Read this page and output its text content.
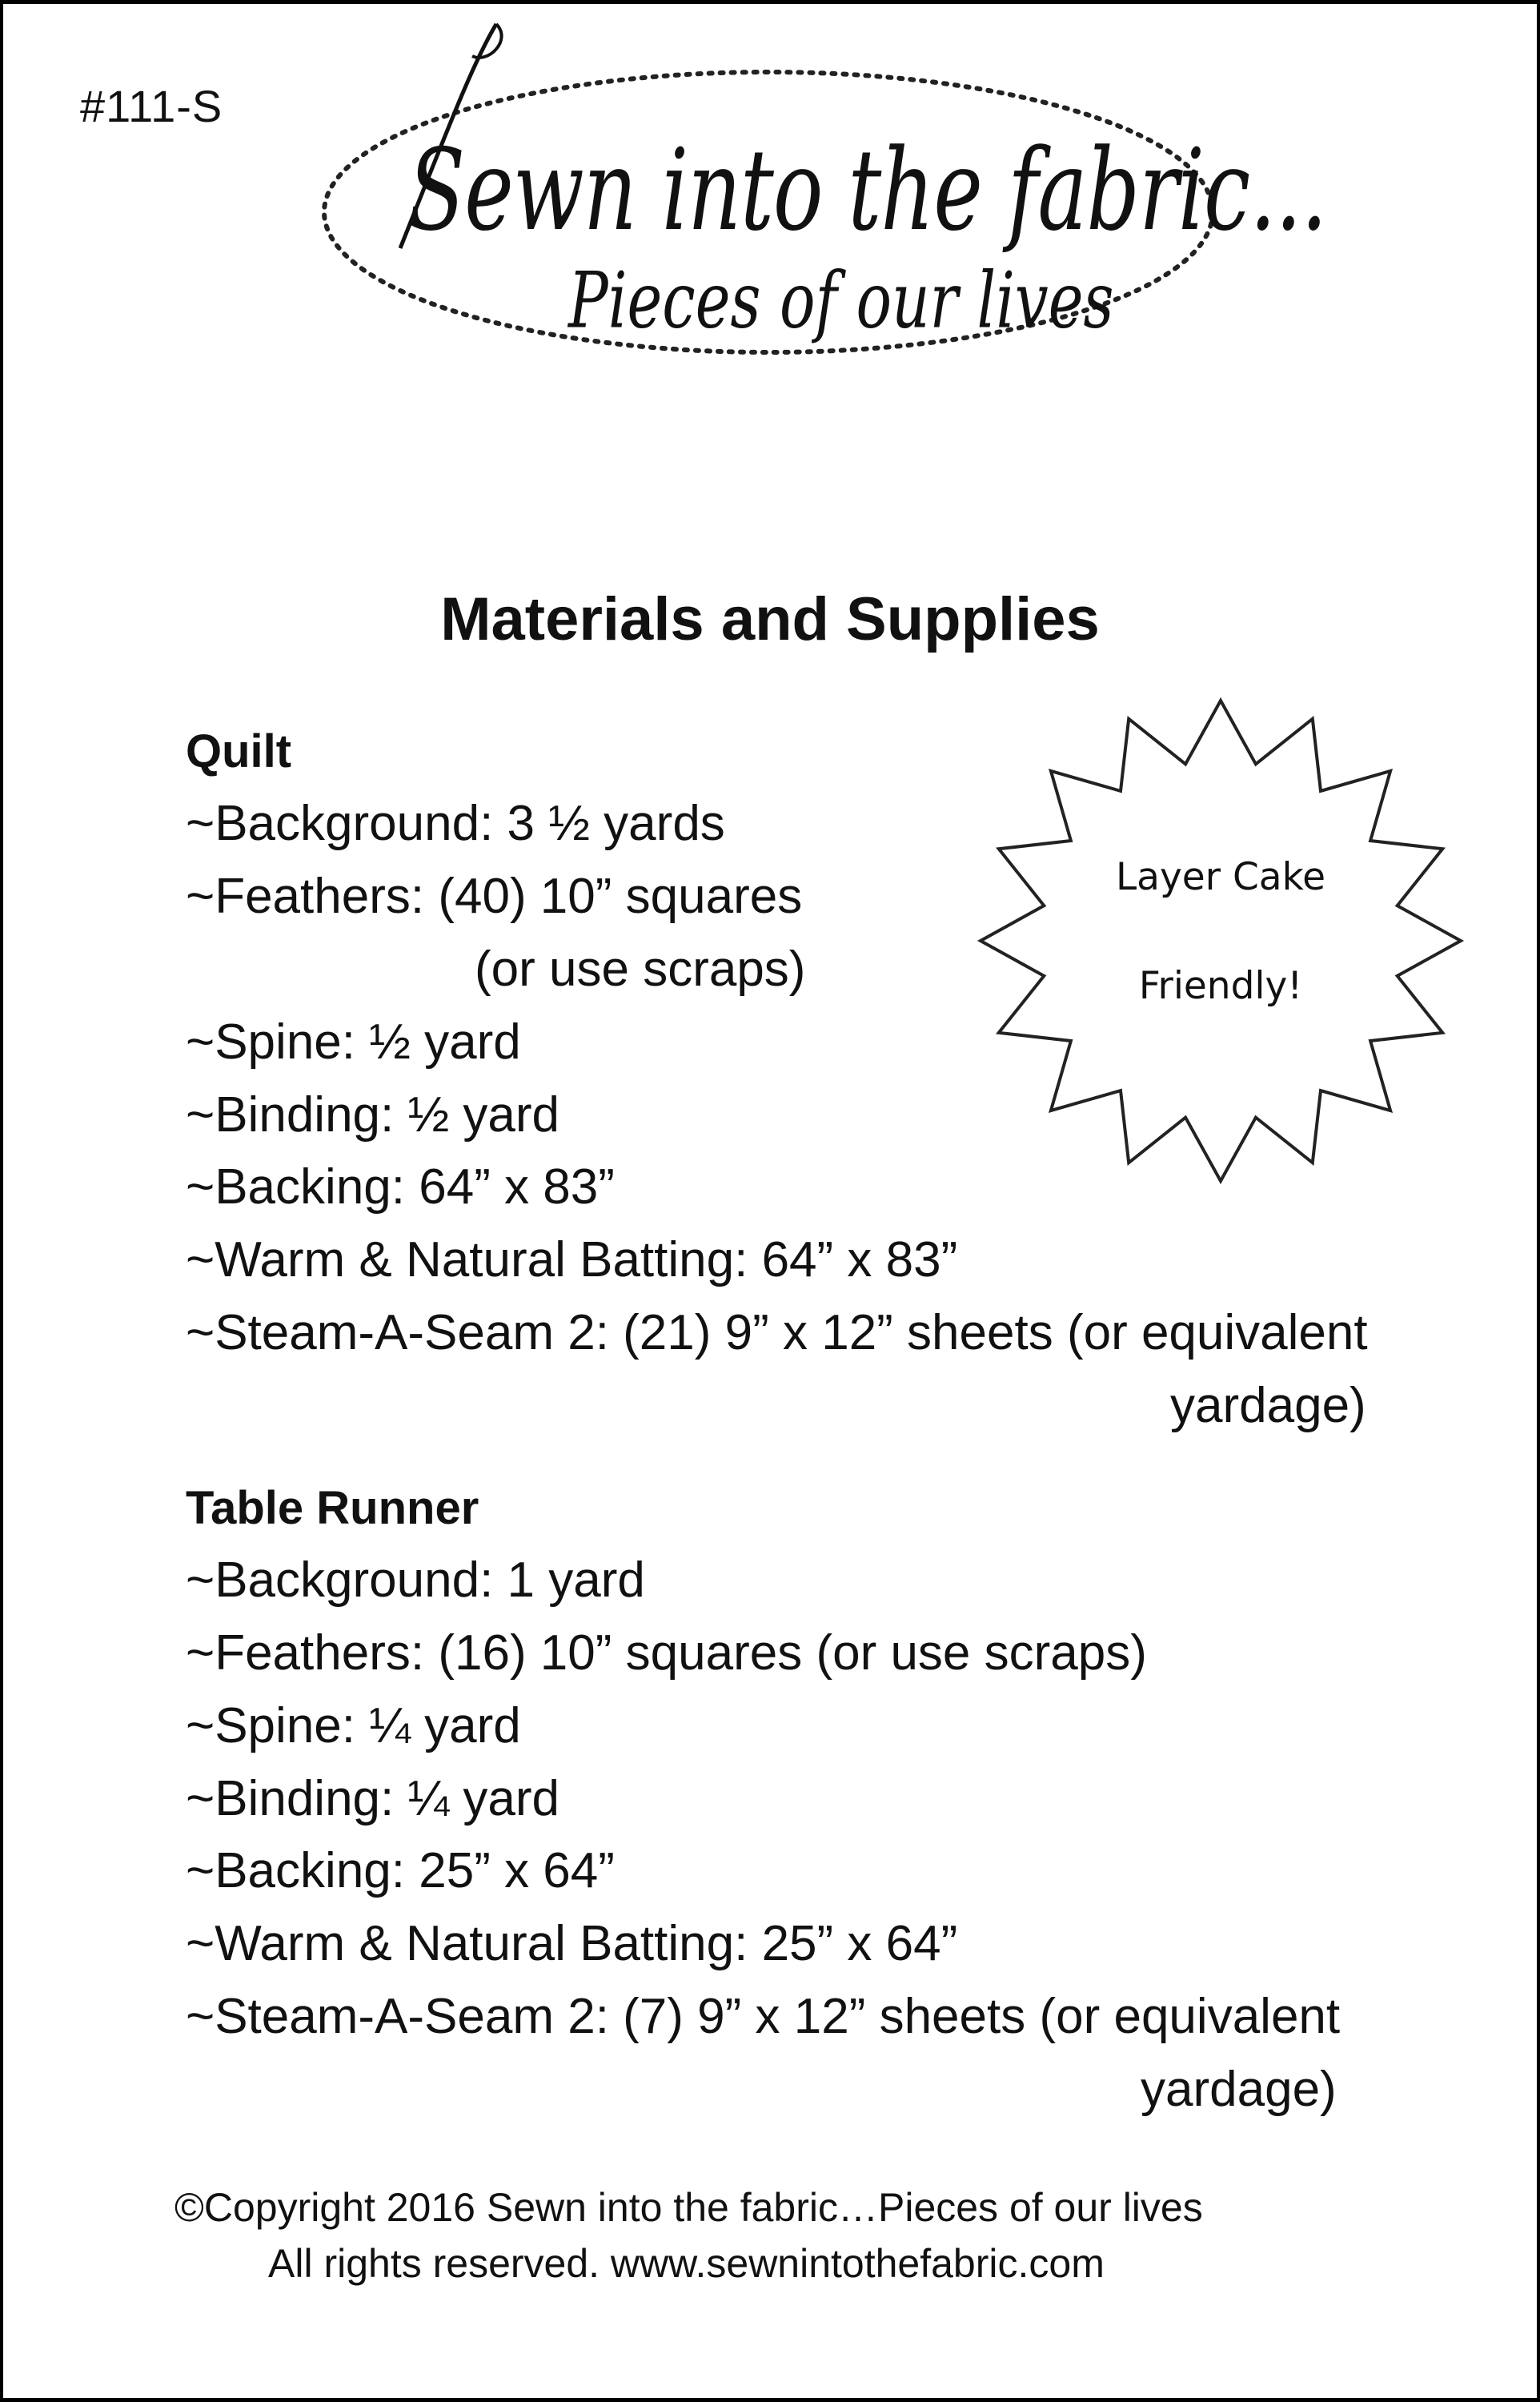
#111-S
Sewn into the fabric...
Pieces of our lives
Materials and Supplies
Quilt
~Background: 3 ½ yards
~Feathers: (40) 10” squares
(or use scraps)
~Spine: ½ yard
~Binding: ½ yard
~Backing: 64” x 83”
~Warm & Natural Batting: 64” x 83”
~Steam-A-Seam 2: (21) 9” x 12” sheets (or equivalent
yardage)
Layer Cake
Friendly!
Table Runner
~Background: 1 yard
~Feathers: (16) 10” squares (or use scraps)
~Spine: ¼ yard
~Binding: ¼ yard
~Backing: 25” x 64”
~Warm & Natural Batting: 25” x 64”
~Steam-A-Seam 2: (7) 9” x 12” sheets (or equivalent
yardage)
©Copyright 2016 Sewn into the fabric…Pieces of our lives
All rights reserved. www.sewnintothefabric.com
